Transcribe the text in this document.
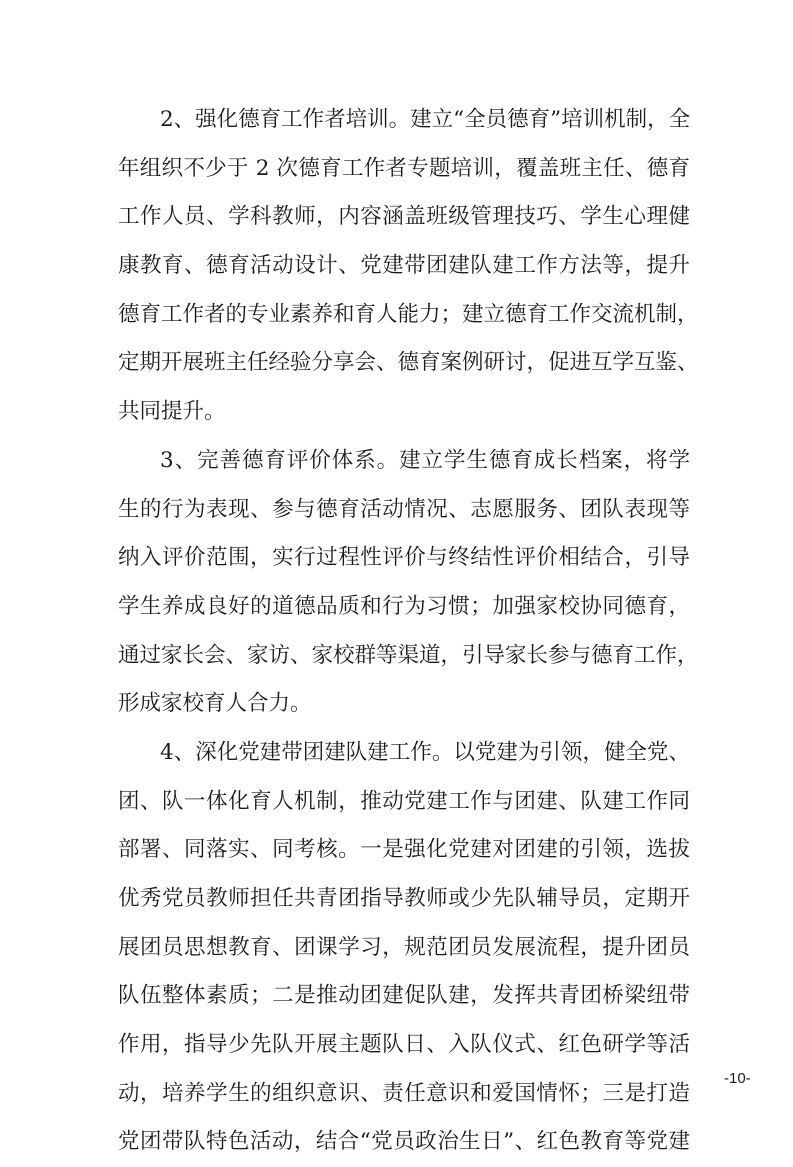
2、强化德育工作者培训。建立“全员德育”培训机制，全
年组织不少于 2 次德育工作者专题培训，覆盖班主任、德育
工作人员、学科教师，内容涵盖班级管理技巧、学生心理健
康教育、德育活动设计、党建带团建队建工作方法等，提升
德育工作者的专业素养和育人能力；建立德育工作交流机制，
定期开展班主任经验分享会、德育案例研讨，促进互学互鉴、
共同提升。
3、完善德育评价体系。建立学生德育成长档案，将学
生的行为表现、参与德育活动情况、志愿服务、团队表现等
纳入评价范围，实行过程性评价与终结性评价相结合，引导
学生养成良好的道德品质和行为习惯；加强家校协同德育，
通过家长会、家访、家校群等渠道，引导家长参与德育工作，
形成家校育人合力。
4、深化党建带团建队建工作。以党建为引领，健全党、
团、队一体化育人机制，推动党建工作与团建、队建工作同
部署、同落实、同考核。一是强化党建对团建的引领，选拔
优秀党员教师担任共青团指导教师或少先队辅导员，定期开
展团员思想教育、团课学习，规范团员发展流程，提升团员
队伍整体素质；二是推动团建促队建，发挥共青团桥梁纽带
作用，指导少先队开展主题队日、入队仪式、红色研学等活
动，培养学生的组织意识、责任意识和爱国情怀；三是打造
党团带队特色活动，结合“党员政治生日”、红色教育等党建
-10-
